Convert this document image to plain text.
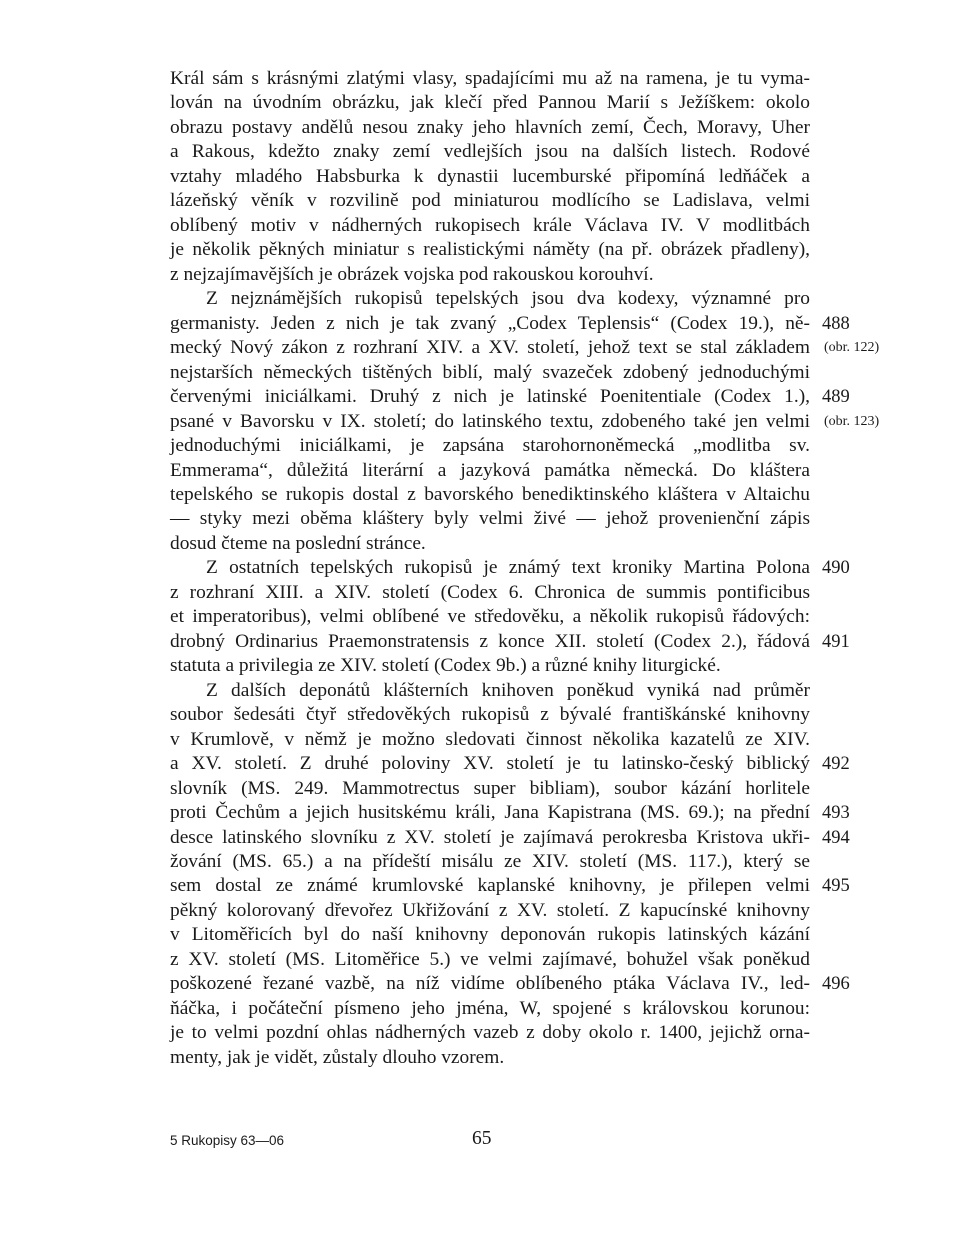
Král sám s krásnými zlatými vlasy, spadajícími mu až na ramena, je tu vyma-
lován na úvodním obrázku, jak klečí před Pannou Marií s Ježíškem: okolo
obrazu postavy andělů nesou znaky jeho hlavních zemí, Čech, Moravy, Uher
a Rakous, kdežto znaky zemí vedlejších jsou na dalších listech. Rodové
vztahy mladého Habsburka k dynastii lucemburské připomíná ledňáček a
lázeňský věník v rozvilině pod miniaturou modlícího se Ladislava, velmi
oblíbený motiv v nádherných rukopisech krále Václava IV. V modlitbách
je několik pěkných miniatur s realistickými náměty (na př. obrázek přadleny),
z nejzajímavějších je obrázek vojska pod rakouskou korouhví.
Z nejznámějších rukopisů tepelských jsou dva kodexy, významné pro
germanisty. Jeden z nich je tak zvaný „Codex Teplensis“ (Codex 19.), ně- 488
mecký Nový zákon z rozhraní XIV. a XV. století, jehož text se stal základem (obr. 122)
nejstarších německých tištěných biblí, malý svazeček zdobený jednoduchými
červenými iniciálkami. Druhý z nich je latinské Poenitentiale (Codex 1.), 489
psané v Bavorsku v IX. století; do latinského textu, zdobeného také jen velmi (obr. 123)
jednoduchými iniciálkami, je zapsána starohornoněmecká „modlitba sv.
Emmerama“, důležitá literární a jazyková památka německá. Do kláštera
tepelského se rukopis dostal z bavorského benediktinského kláštera v Altaichu
— styky mezi oběma kláštery byly velmi živé — jehož provenienční zápis
dosud čteme na poslední stránce.
Z ostatních tepelských rukopisů je známý text kroniky Martina Polona 490
z rozhraní XIII. a XIV. století (Codex 6. Chronica de summis pontificibus
et imperatoribus), velmi oblíbené ve středověku, a několik rukopisů řádových:
drobný Ordinarius Praemonstratensis z konce XII. století (Codex 2.), řádová 491
statuta a privilegia ze XIV. století (Codex 9b.) a různé knihy liturgické.
Z dalších deponátů klášterních knihoven poněkud vyniká nad průměr
soubor šedesáti čtyř středověkých rukopisů z bývalé františkánské knihovny
v Krumlově, v němž je možno sledovati činnost několika kazatelů ze XIV.
a XV. století. Z druhé poloviny XV. století je tu latinsko-český biblický 492
slovník (MS. 249. Mammotrectus super bibliam), soubor kázání horlitele
proti Čechům a jejich husitskému králi, Jana Kapistrana (MS. 69.); na přední 493
desce latinského slovníku z XV. století je zajímavá perokresba Kristova ukři- 494
žování (MS. 65.) a na přídeští misálu ze XIV. století (MS. 117.), který se
sem dostal ze známé krumlovské kaplanské knihovny, je přilepen velmi 495
pěkný kolorovaný dřevořez Ukřižování z XV. století. Z kapucínské knihovny
v Litoměřicích byl do naší knihovny deponován rukopis latinských kázání
z XV. století (MS. Litoměřice 5.) ve velmi zajímavé, bohužel však poněkud
poškozené řezané vazbě, na níž vidíme oblíbeného ptáka Václava IV., led- 496
ňáčka, i počáteční písmeno jeho jména, W, spojené s královskou korunou:
je to velmi pozdní ohlas nádherných vazeb z doby okolo r. 1400, jejichž orna-
menty, jak je vidět, zůstaly dlouho vzorem.
5 Rukopisy 63—06	65
